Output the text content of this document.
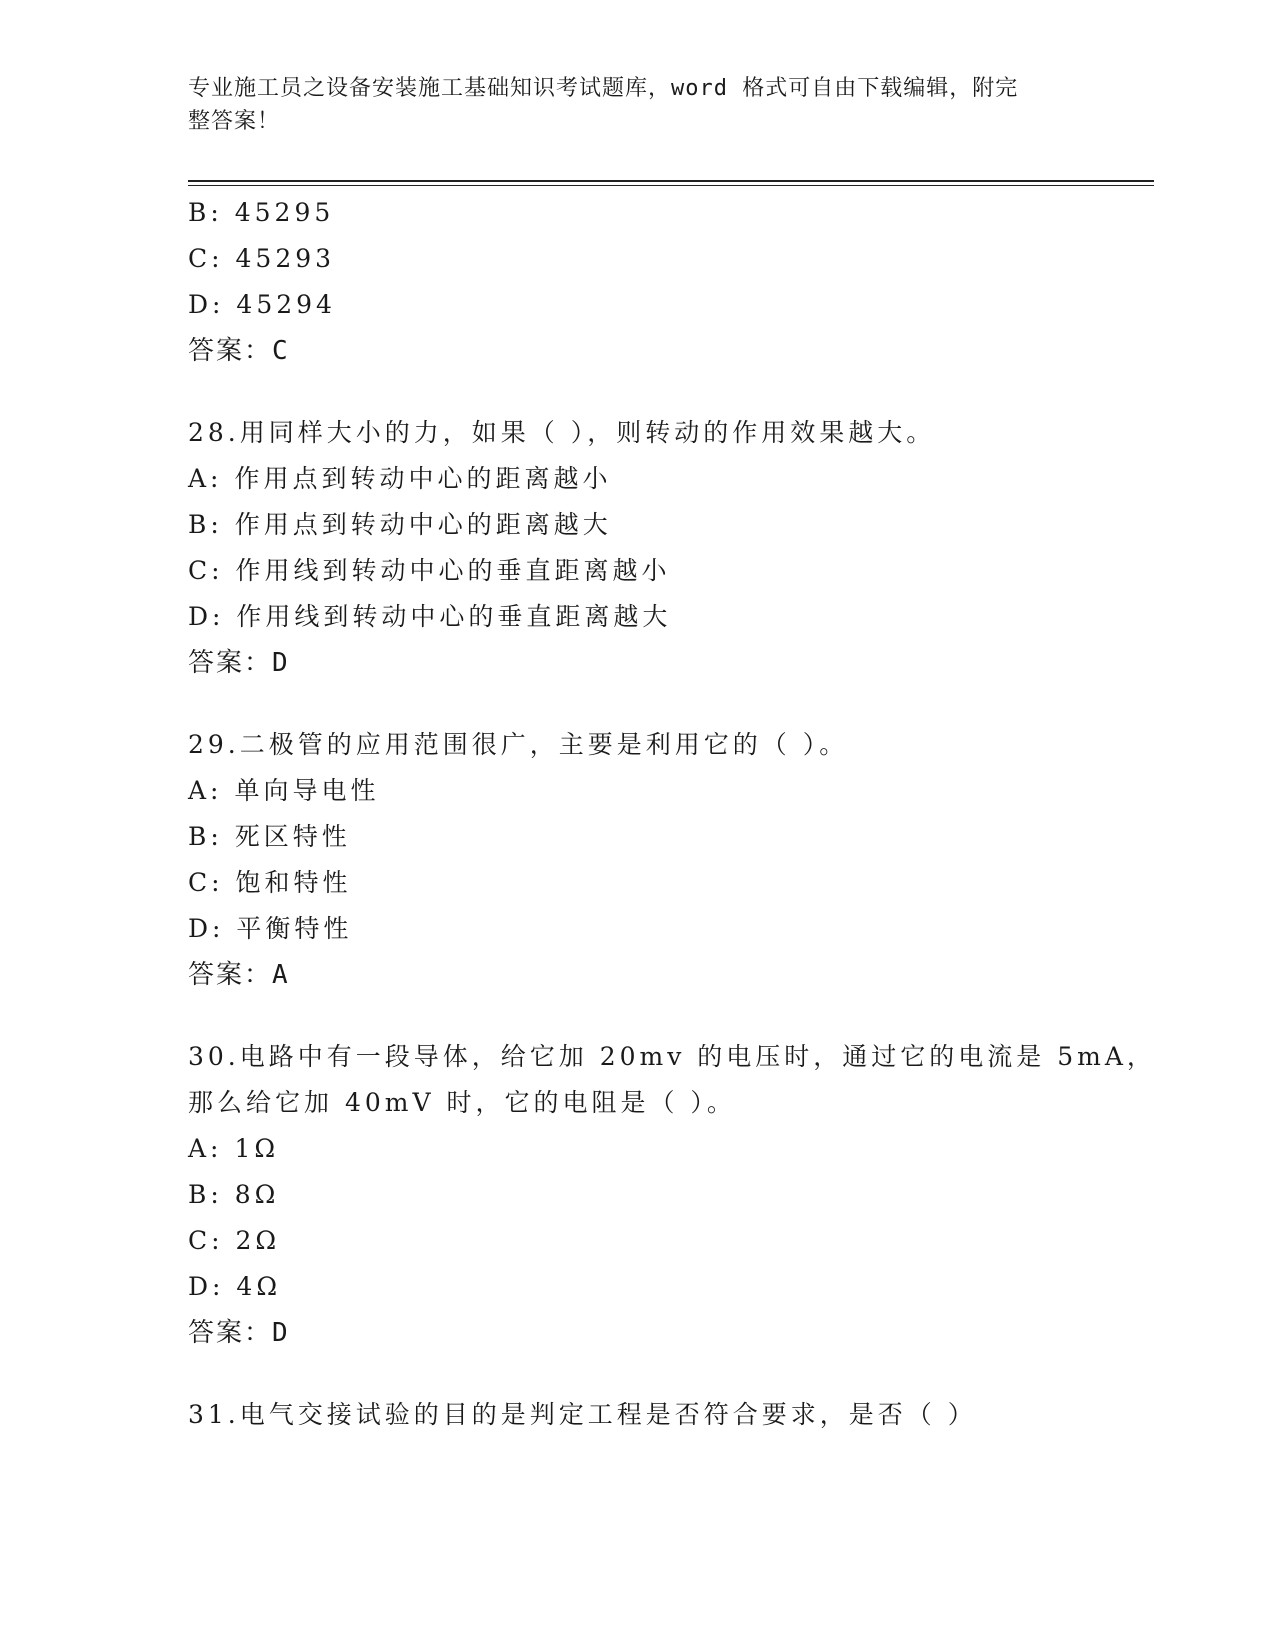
专业施工员之设备安装施工基础知识考试题库，word 格式可自由下载编辑，附完
整答案！
B: 45295
C: 45293
D: 45294
答案：C
28.用同样大小的力，如果（ ），则转动的作用效果越大。
A: 作用点到转动中心的距离越小
B: 作用点到转动中心的距离越大
C: 作用线到转动中心的垂直距离越小
D: 作用线到转动中心的垂直距离越大
答案：D
29.二极管的应用范围很广，主要是利用它的（ ）。
A: 单向导电性
B: 死区特性
C: 饱和特性
D: 平衡特性
答案：A
30.电路中有一段导体，给它加 20mv 的电压时，通过它的电流是 5mA，
那么给它加 40mV 时，它的电阻是（ ）。
A: 1Ω
B: 8Ω
C: 2Ω
D: 4Ω
答案：D
31.电气交接试验的目的是判定工程是否符合要求，是否（ ）
